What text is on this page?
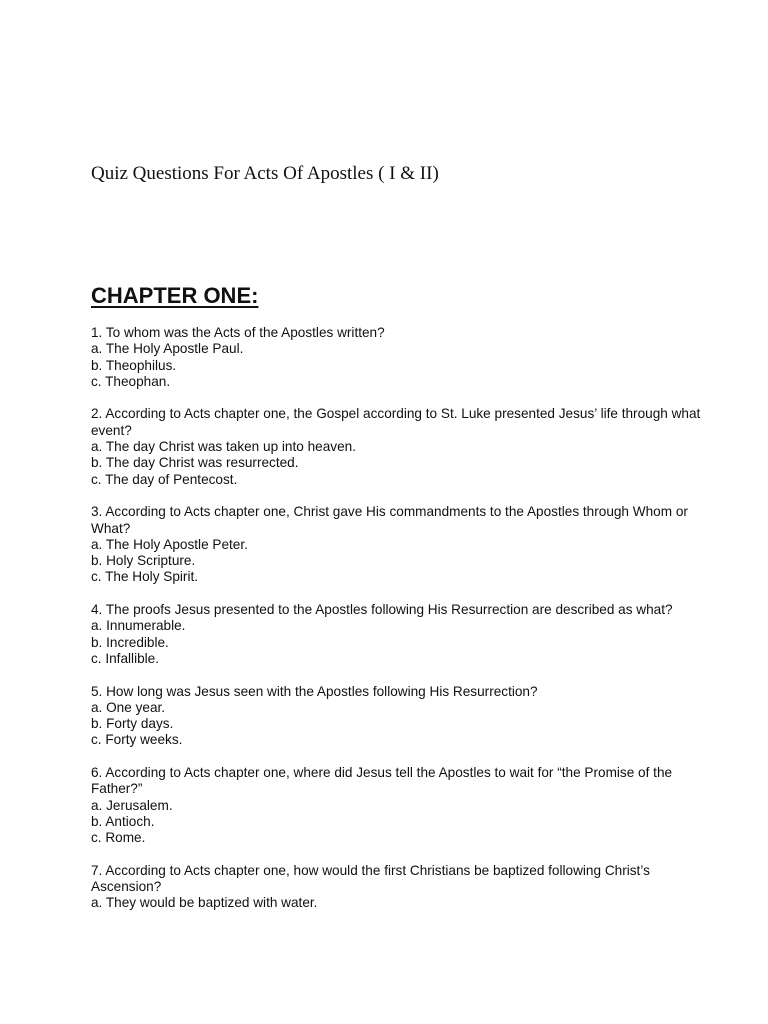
Quiz Questions For Acts Of Apostles ( I & II)
CHAPTER ONE:
1. To whom was the Acts of the Apostles written?
a. The Holy Apostle Paul.
b. Theophilus.
c. Theophan.
2. According to Acts chapter one, the Gospel according to St. Luke presented Jesus’ life through what event?
a. The day Christ was taken up into heaven.
b. The day Christ was resurrected.
c. The day of Pentecost.
3. According to Acts chapter one, Christ gave His commandments to the Apostles through Whom or What?
a. The Holy Apostle Peter.
b. Holy Scripture.
c. The Holy Spirit.
4. The proofs Jesus presented to the Apostles following His Resurrection are described as what?
a. Innumerable.
b. Incredible.
c. Infallible.
5. How long was Jesus seen with the Apostles following His Resurrection?
a. One year.
b. Forty days.
c. Forty weeks.
6. According to Acts chapter one, where did Jesus tell the Apostles to wait for “the Promise of the Father?”
a. Jerusalem.
b. Antioch.
c. Rome.
7. According to Acts chapter one, how would the first Christians be baptized following Christ’s Ascension?
a. They would be baptized with water.
